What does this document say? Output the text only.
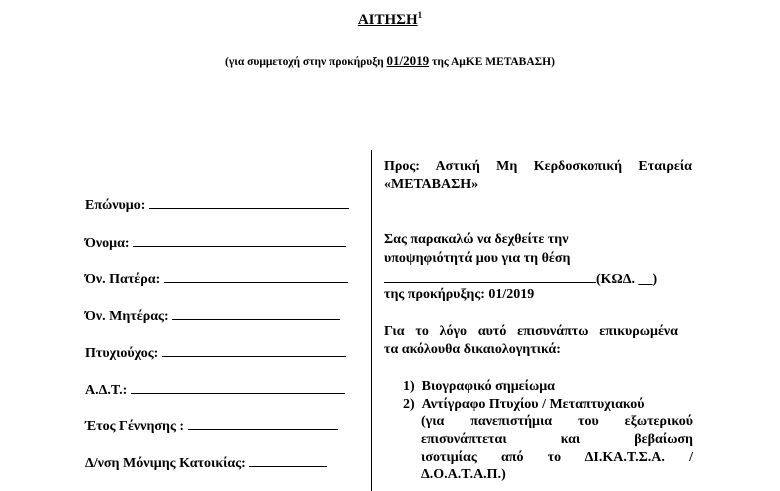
ΑΙΤΗΣΗ$^1$
(για συμμετοχή στην προκήρυξη 01/2019 της ΑμΚΕ ΜΕΤΑΒΑΣΗ)
Επώνυμο:
Όνομα:
Όν. Πατέρα:
Όν. Μητέρας:
Πτυχιούχος:
Α.Δ.Τ.:
Έτος Γέννησης :
Δ/νση Μόνιμης Κατοικίας:
Προς: Αστική Μη Κερδοσκοπική Εταιρεία
«ΜΕΤΑΒΑΣΗ»
Σας παρακαλώ να δεχθείτε την
υποψηφιότητά μου για τη θέση
(ΚΩΔ. __)
της προκήρυξης: 01/2019
Για το λόγο αυτό επισυνάπτω επικυρωμένα
τα ακόλουθα δικαιολογητικά:
1) Βιογραφικό σημείωμα
2) Αντίγραφο Πτυχίου / Μεταπτυχιακού
(για πανεπιστήμια του εξωτερικού
επισυνάπτεται και βεβαίωση
ισοτιμίας από το ΔΙ.ΚΑ.Τ.Σ.Α. /
Δ.Ο.Α.Τ.Α.Π.)
